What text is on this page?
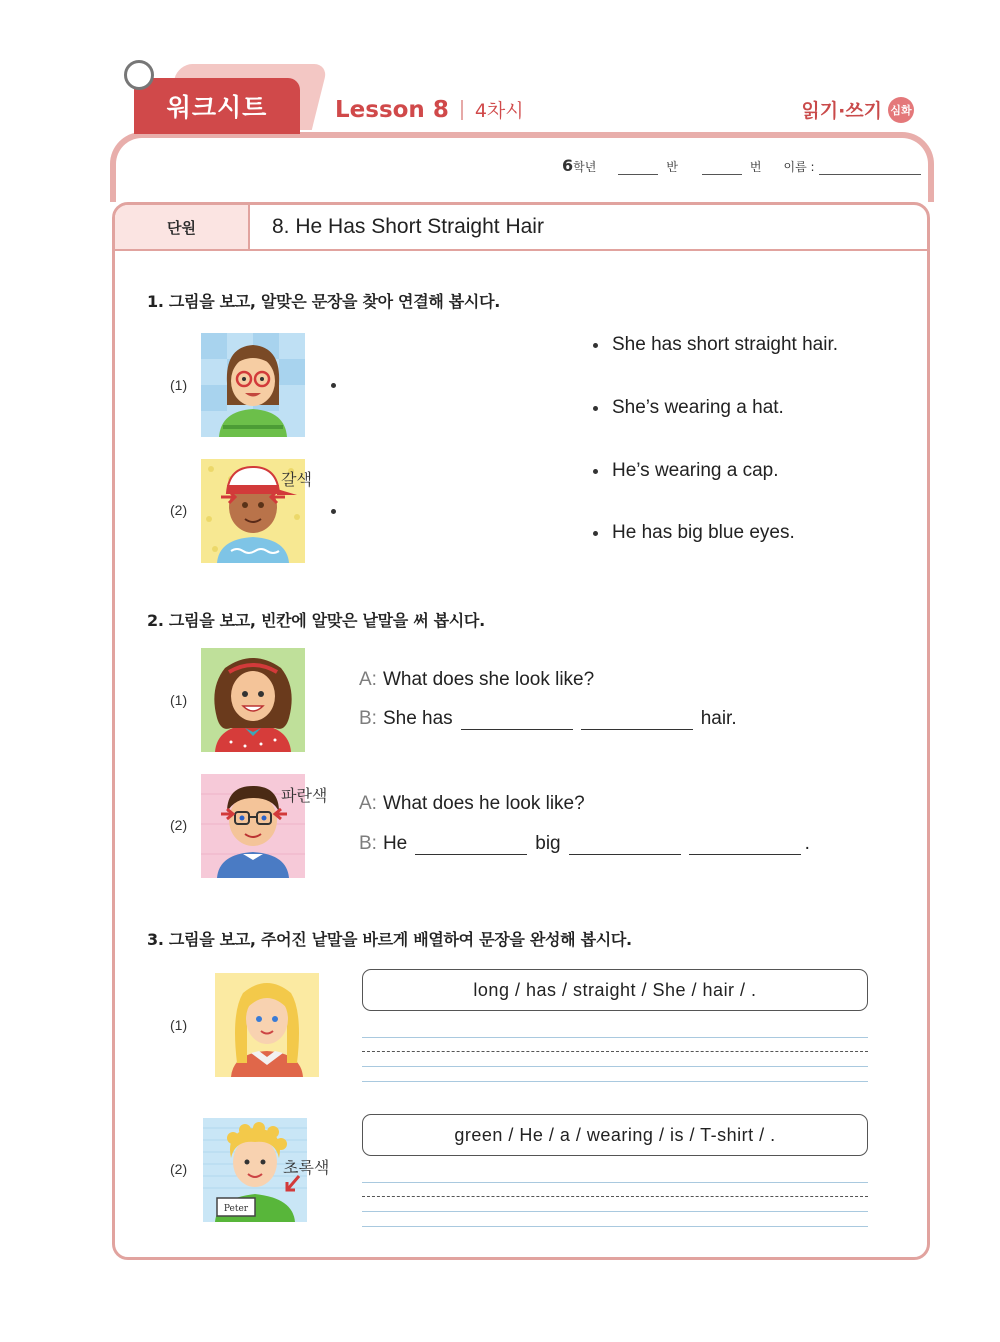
워크시트	Lesson 8 4차시	읽기·쓰기 심화
6 학년	반	번 이름 :
단원	8. He Has Short Straight Hair
1. 그림을 보고, 알맞은 문장을 찾아 연결해 봅시다.
(1)
(2)
갈색
She has short straight hair.
She’s wearing a hat.
He’s wearing a cap.
He has big blue eyes.
2. 그림을 보고, 빈칸에 알맞은 낱말을 써 봅시다.
(1)
A: What does she look like?
B: She has	hair.
(2)
파란색 A: What does he look like?
B: He	big	.
3. 그림을 보고, 주어진 낱말을 바르게 배열하여 문장을 완성해 봅시다.
(1)
long / has / straight / She / hair / .
(2)
Peter
초록색
green / He / a / wearing / is / T-shirt / .
